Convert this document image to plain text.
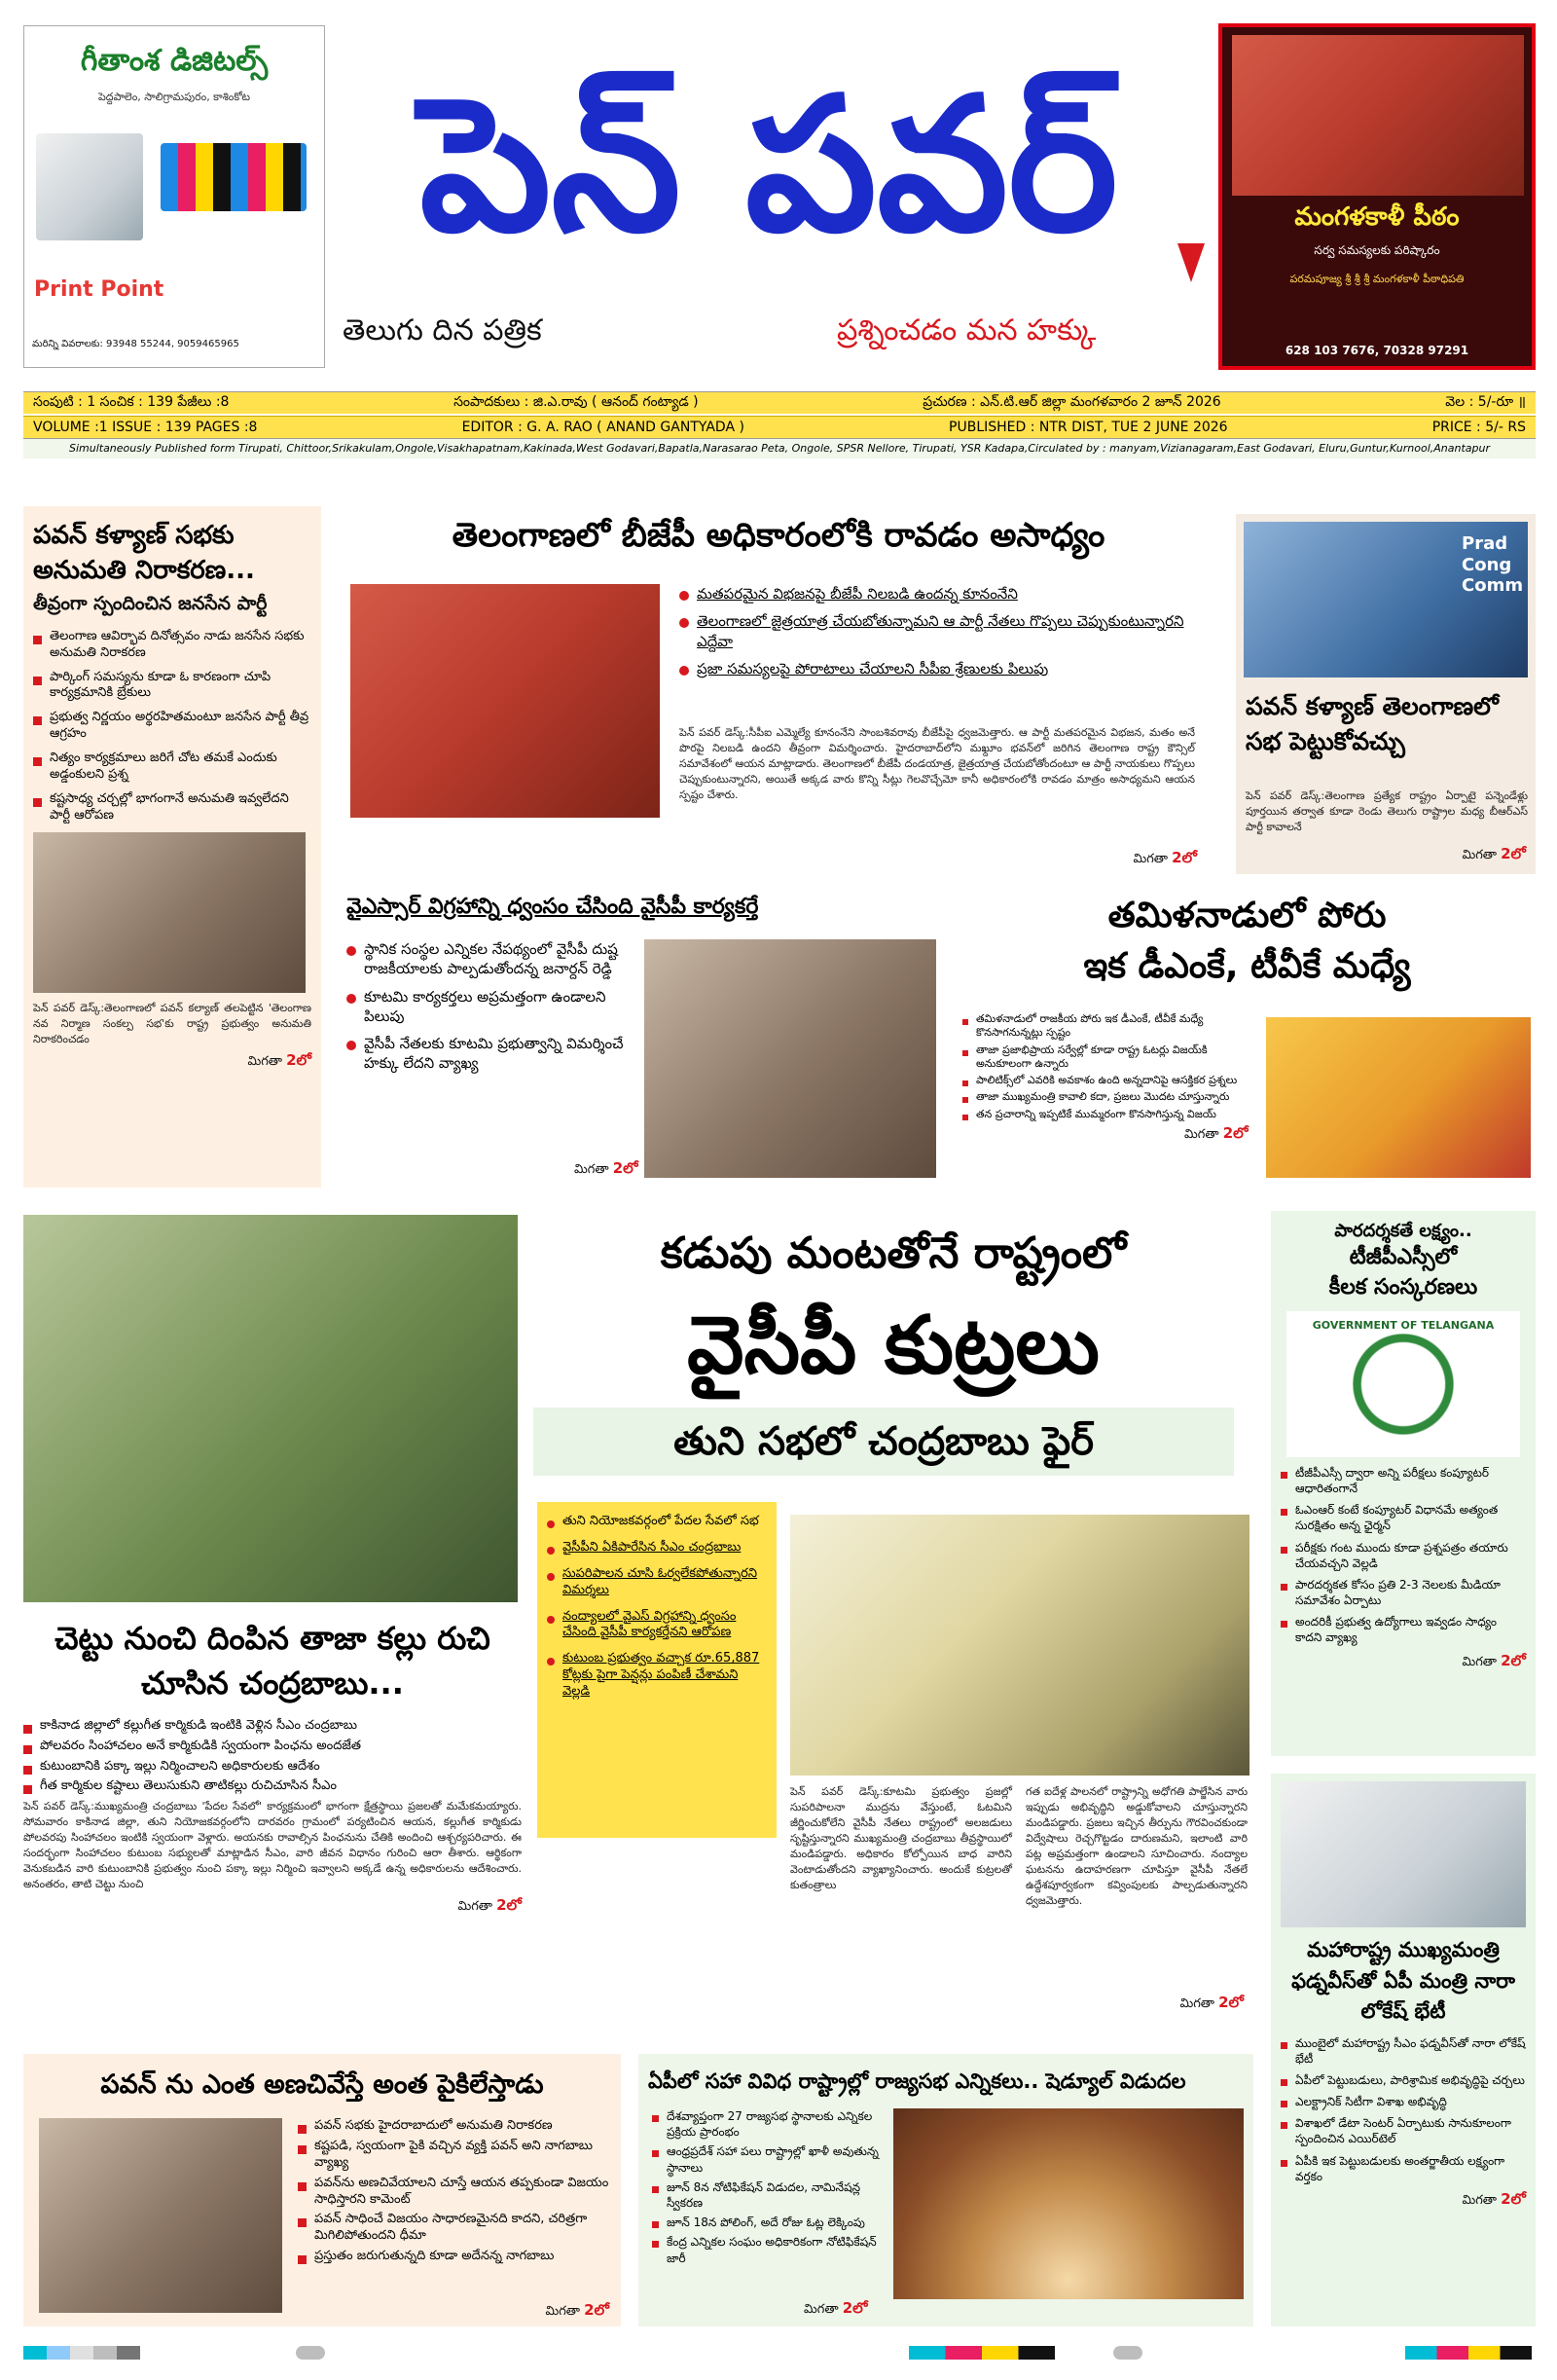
గీతాంశ డిజిటల్స్
పెద్దపాలెం, సాలిగ్రామపురం, కాశింకోట
Print Point
మరిన్ని వివరాలకు: 93948 55244, 9059465965
పెన్ పవర్
తెలుగు దిన పత్రిక	ప్రశ్నించడం మన హక్కు
మంగళకాళీ పీఠం
సర్వ సమస్యలకు పరిష్కారం
పరమపూజ్య శ్రీ శ్రీ శ్రీ మంగళకాళీ పీఠాధిపతి
628 103 7676, 70328 97291
సంపుటి : 1 సంచిక : 139 పేజీలు :8	సంపాదకులు : జి.ఎ.రావు ( ఆనంద్ గంట్యాడ )	ప్రచురణ : ఎన్.టి.ఆర్ జిల్లా మంగళవారం 2 జూన్ 2026	వెల : 5/-రూ ॥
VOLUME :1 ISSUE : 139 PAGES :8	EDITOR : G. A. RAO ( ANAND GANTYADA )	PUBLISHED : NTR DIST, TUE 2 JUNE 2026	PRICE : 5/- RS
Simultaneously Published form Tirupati, Chittoor,Srikakulam,Ongole,Visakhapatnam,Kakinada,West Godavari,Bapatla,Narasarao Peta, Ongole, SPSR Nellore, Tirupati, YSR Kadapa,Circulated by : manyam,Vizianagaram,East Godavari, Eluru,Guntur,Kurnool,Anantapur
పవన్ కళ్యాణ్ సభకు అనుమతి నిరాకరణ...
తీవ్రంగా స్పందించిన జనసేన పార్టీ
తెలంగాణ ఆవిర్భావ దినోత్సవం నాడు జనసేన సభకు అనుమతి నిరాకరణ
పార్కింగ్ సమస్యను కూడా ఓ కారణంగా చూపి కార్యక్రమానికి బ్రేకులు
ప్రభుత్వ నిర్ణయం అర్థరహితమంటూ జనసేన పార్టీ తీవ్ర ఆగ్రహం
నిత్యం కార్యక్రమాలు జరిగే చోట తమకే ఎందుకు అడ్డంకులని ప్రశ్న
కష్టసాధ్య చర్చల్లో భాగంగానే అనుమతి ఇవ్వలేదని పార్టీ ఆరోపణ
పెన్ పవర్ డెస్క్:తెలంగాణలో పవన్ కల్యాణ్ తలపెట్టిన 'తెలంగాణ నవ నిర్మాణ సంకల్ప సభ'కు రాష్ట్ర ప్రభుత్వం అనుమతి నిరాకరించడం
మిగతా 2లో
తెలంగాణలో బీజేపీ అధికారంలోకి రావడం అసాధ్యం
మతపరమైన విభజనపై బీజేపీ నిలబడి ఉందన్న కూనంనేని
తెలంగాణలో జైత్రయాత్ర చేయబోతున్నామని ఆ పార్టీ నేతలు గొప్పలు చెప్పుకుంటున్నారని ఎద్దేవా
ప్రజా సమస్యలపై పోరాటాలు చేయాలని సీపీఐ శ్రేణులకు పిలుపు
పెన్ పవర్ డెస్క్:సీపీఐ ఎమ్మెల్యే కూనంనేని సాంబశివరావు బీజేపీపై ధ్వజమెత్తారు. ఆ పార్టీ మతపరమైన విభజన, మతం అనే పొరపై నిలబడి ఉందని తీవ్రంగా విమర్శించారు. హైదరాబాద్‌లోని మఖ్దూం భవన్‌లో జరిగిన తెలంగాణ రాష్ట్ర కౌన్సిల్ సమావేశంలో ఆయన మాట్లాడారు. తెలంగాణలో బీజేపీ దండయాత్ర, జైత్రయాత్ర చేయబోతోందంటూ ఆ పార్టీ నాయకులు గొప్పలు చెప్పుకుంటున్నారని, అయితే అక్కడ వారు కొన్ని సీట్లు గెలవొచ్చేమో కానీ అధికారంలోకి రావడం మాత్రం అసాధ్యమని ఆయన స్పష్టం చేశారు.
మిగతా 2లో
Prad Cong Comm
పవన్ కళ్యాణ్ తెలంగాణలో సభ పెట్టుకోవచ్చు
పెన్ పవర్ డెస్క్:తెలంగాణ ప్రత్యేక రాష్ట్రం ఏర్పాటై పన్నెండేళ్లు పూర్తయిన తర్వాత కూడా రెండు తెలుగు రాష్ట్రాల మధ్య బీఆర్ఎస్ పార్టీ కావాలనే
మిగతా 2లో
వైఎస్సార్ విగ్రహాన్ని ధ్వంసం చేసింది వైసీపీ కార్యకర్తే
స్థానిక సంస్థల ఎన్నికల నేపథ్యంలో వైసీపీ దుష్ట రాజకీయాలకు పాల్పడుతోందన్న జనార్దన్ రెడ్డి
కూటమి కార్యకర్తలు అప్రమత్తంగా ఉండాలని పిలుపు
వైసీపీ నేతలకు కూటమి ప్రభుత్వాన్ని విమర్శించే హక్కు లేదని వ్యాఖ్య
మిగతా 2లో
తమిళనాడులో పోరు
ఇక డీఎంకే, టీవీకే మధ్యే
తమిళనాడులో రాజకీయ పోరు ఇక డీఎంకే, టీవీకే మధ్యే కొనసాగనున్నట్లు స్పష్టం
తాజా ప్రజాభిప్రాయ సర్వేల్లో కూడా రాష్ట్ర ఓటర్లు విజయ్‌కి అనుకూలంగా ఉన్నారు
పాలిటిక్స్‌లో ఎవరికి అవకాశం ఉంది అన్నదానిపై ఆసక్తికర ప్రశ్నలు
తాజా ముఖ్యమంత్రి కావాలి కదా, ప్రజలు మొదట చూస్తున్నారు
తన ప్రచారాన్ని ఇప్పటికే ముమ్మరంగా కొనసాగిస్తున్న విజయ్
మిగతా 2లో
చెట్టు నుంచి దింపిన తాజా కల్లు రుచి చూసిన చంద్రబాబు...
కాకినాడ జిల్లాలో కల్లుగీత కార్మికుడి ఇంటికి వెళ్లిన సీఎం చంద్రబాబు
పోలవరం సింహాచలం అనే కార్మికుడికి స్వయంగా పింఛను అందజేత
కుటుంబానికి పక్కా ఇల్లు నిర్మించాలని అధికారులకు ఆదేశం
గీత కార్మికుల కష్టాలు తెలుసుకుని తాటికల్లు రుచిచూసిన సీఎం
పెన్ పవర్ డెస్క్:ముఖ్యమంత్రి చంద్రబాబు 'పేదల సేవలో' కార్యక్రమంలో భాగంగా క్షేత్రస్థాయి ప్రజలతో మమేకమయ్యారు. సోమవారం కాకినాడ జిల్లా, తుని నియోజకవర్గంలోని దారవరం గ్రామంలో పర్యటించిన ఆయన, కల్లుగీత కార్మికుడు పోలవరపు సింహాచలం ఇంటికి స్వయంగా వెళ్లారు. అయనకు రావాల్సిన పింఛనును చేతికి అందించి ఆశ్చర్యపరిచారు. ఈ సందర్భంగా సింహాచలం కుటుంబ సభ్యులతో మాట్లాడిన సీఎం, వారి జీవన విధానం గురించి ఆరా తీశారు. ఆర్థికంగా వెనుకబడిన వారి కుటుంబానికి ప్రభుత్వం నుంచి పక్కా ఇల్లు నిర్మించి ఇవ్వాలని అక్కడే ఉన్న అధికారులను ఆదేశించారు. అనంతరం, తాటి చెట్టు నుంచి
మిగతా 2లో
కడుపు మంటతోనే రాష్ట్రంలో
వైసీపీ కుట్రలు
తుని సభలో చంద్రబాబు ఫైర్
తుని నియోజకవర్గంలో పేదల సేవలో సభ
వైసీపీని ఏకిపారేసిన సీఎం చంద్రబాబు
సుపరిపాలన చూసి ఓర్వలేకపోతున్నారని విమర్శలు
నంద్యాలలో వైఎస్ విగ్రహాన్ని ధ్వంసం చేసింది వైసీపీ కార్యకర్తేనని ఆరోపణ
కుటుంబ ప్రభుత్వం వచ్చాక రూ.65,887 కోట్లకు పైగా పెన్షన్లు పంపిణీ చేశామని వెల్లడి
పెన్ పవర్ డెస్క్:కూటమి ప్రభుత్వం ప్రజల్లో సుపరిపాలనా ముద్రను వేస్తుంటే, ఓటమిని జీర్ణించుకోలేని వైసీపీ నేతలు రాష్ట్రంలో అలజడులు సృష్టిస్తున్నారని ముఖ్యమంత్రి చంద్రబాబు తీవ్రస్థాయిలో మండిపడ్డారు. అధికారం కోల్పోయిన బాధ వారిని వెంటాడుతోందని వ్యాఖ్యానించారు. అందుకే కుట్రలతో కుతంత్రాలు
గత ఐదేళ్ల పాలనలో రాష్ట్రాన్ని అధోగతి పాల్జేసిన వారు ఇప్పుడు అభివృద్ధిని అడ్డుకోవాలని చూస్తున్నారని మండిపడ్డారు. ప్రజలు ఇచ్చిన తీర్పును గౌరవించకుండా విద్వేషాలు రెచ్చగొట్టడం దారుణమని, ఇలాంటి వారి పట్ల అప్రమత్తంగా ఉండాలని సూచించారు. నంద్యాల ఘటనను ఉదాహరణగా చూపిస్తూ వైసీపీ నేతలే ఉద్దేశపూర్వకంగా కవ్వింపులకు పాల్పడుతున్నారని ధ్వజమెత్తారు.
మిగతా 2లో
పారదర్శకతే లక్ష్యం..
టీజీపీఎస్సీలో
కీలక సంస్కరణలు
GOVERNMENT OF TELANGANA
టీజీపీఎస్సీ ద్వారా అన్ని పరీక్షలు కంప్యూటర్ ఆధారితంగానే
ఓఎంఆర్ కంటే కంప్యూటర్ విధానమే అత్యంత సురక్షితం అన్న ఛైర్మన్
పరీక్షకు గంట ముందు కూడా ప్రశ్నపత్రం తయారు చేయవచ్చని వెల్లడి
పారదర్శకత కోసం ప్రతి 2-3 నెలలకు మీడియా సమావేశం ఏర్పాటు
అందరికీ ప్రభుత్వ ఉద్యోగాలు ఇవ్వడం సాధ్యం కాదని వ్యాఖ్య
మిగతా 2లో
మహారాష్ట్ర ముఖ్యమంత్రి ఫడ్నవీస్‌తో ఏపీ మంత్రి నారా లోకేష్ భేటీ
ముంబైలో మహారాష్ట్ర సీఎం ఫడ్నవీస్‌తో నారా లోకేష్ భేటీ
ఏపీలో పెట్టుబడులు, పారిశ్రామిక అభివృద్ధిపై చర్చలు
ఎలక్ట్రానిక్ సిటీగా విశాఖ అభివృద్ధి
విశాఖలో డేటా సెంటర్ ఏర్పాటుకు సానుకూలంగా స్పందించిన ఎయిర్‌టెల్
ఏపీకి ఇక పెట్టుబడులకు అంతర్జాతీయ లక్ష్యంగా వర్తకం
మిగతా 2లో
పవన్ ను ఎంత అణచివేస్తే అంత పైకిలేస్తాడు
పవన్ సభకు హైదరాబాదులో అనుమతి నిరాకరణ
కష్టపడి, స్వయంగా పైకి వచ్చిన వ్యక్తి పవన్ అని నాగబాబు వ్యాఖ్య
పవన్‌ను అణచివేయాలని చూస్తే ఆయన తప్పకుండా విజయం సాధిస్తారని కామెంట్
పవన్ సాధించే విజయం సాధారణమైనది కాదని, చరిత్రగా మిగిలిపోతుందని ధీమా
ప్రస్తుతం జరుగుతున్నది కూడా అదేనన్న నాగబాబు
మిగతా 2లో
ఏపీలో సహా వివిధ రాష్ట్రాల్లో రాజ్యసభ ఎన్నికలు.. షెడ్యూల్ విడుదల
దేశవ్యాప్తంగా 27 రాజ్యసభ స్థానాలకు ఎన్నికల ప్రక్రియ ప్రారంభం
ఆంధ్రప్రదేశ్ సహా పలు రాష్ట్రాల్లో ఖాళీ అవుతున్న స్థానాలు
జూన్ 8న నోటిఫికేషన్ విడుదల, నామినేషన్ల స్వీకరణ
జూన్ 18న పోలింగ్, అదే రోజు ఓట్ల లెక్కింపు
కేంద్ర ఎన్నికల సంఘం అధికారికంగా నోటిఫికేషన్ జారీ
మిగతా 2లో
